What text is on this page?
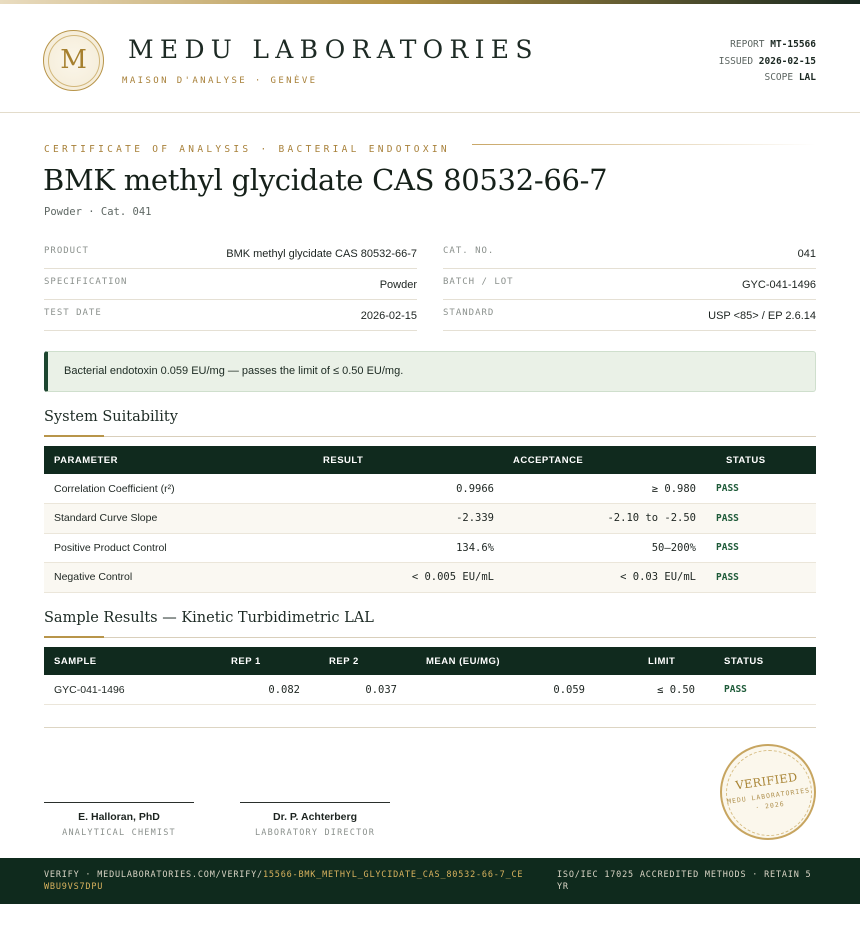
M	MEDU LABORATORIES
MAISON D'ANALYSE · GENÈVE
REPORT MT-15566
ISSUED 2026-02-15
SCOPE LAL
CERTIFICATE OF ANALYSIS · BACTERIAL ENDOTOXIN
BMK methyl glycidate CAS 80532-66-7
Powder · Cat. 041
PRODUCT	BMK methyl glycidate CAS 80532-66-7
SPECIFICATION	Powder
TEST DATE	2026-02-15
CAT. NO.	041
BATCH / LOT	GYC-041-1496
STANDARD	USP <85> / EP 2.6.14
Bacterial endotoxin 0.059 EU/mg — passes the limit of ≤ 0.50 EU/mg.
System Suitability
PARAMETER	RESULT	ACCEPTANCE	STATUS
Correlation Coefficient (r²)	0.9966	≥ 0.980	PASS
Standard Curve Slope	-2.339	-2.10 to -2.50	PASS
Positive Product Control	134.6%	50–200%	PASS
Negative Control	< 0.005 EU/mL	< 0.03 EU/mL	PASS
Sample Results — Kinetic Turbidimetric LAL
SAMPLE	REP 1	REP 2	MEAN (EU/MG)	LIMIT	STATUS
GYC-041-1496	0.082	0.037	0.059	≤ 0.50	PASS
E. Halloran, PhD
ANALYTICAL CHEMIST
Dr. P. Achterberg
LABORATORY DIRECTOR
VERIFIED
MEDU LABORATORIES · 2026
VERIFY · MEDULABORATORIES.COM/VERIFY/15566-BMK_METHYL_GLYCIDATE_CAS_80532-66-7_CEWBU9VS7DPU
ISO/IEC 17025 ACCREDITED METHODS · RETAIN 5 YR
